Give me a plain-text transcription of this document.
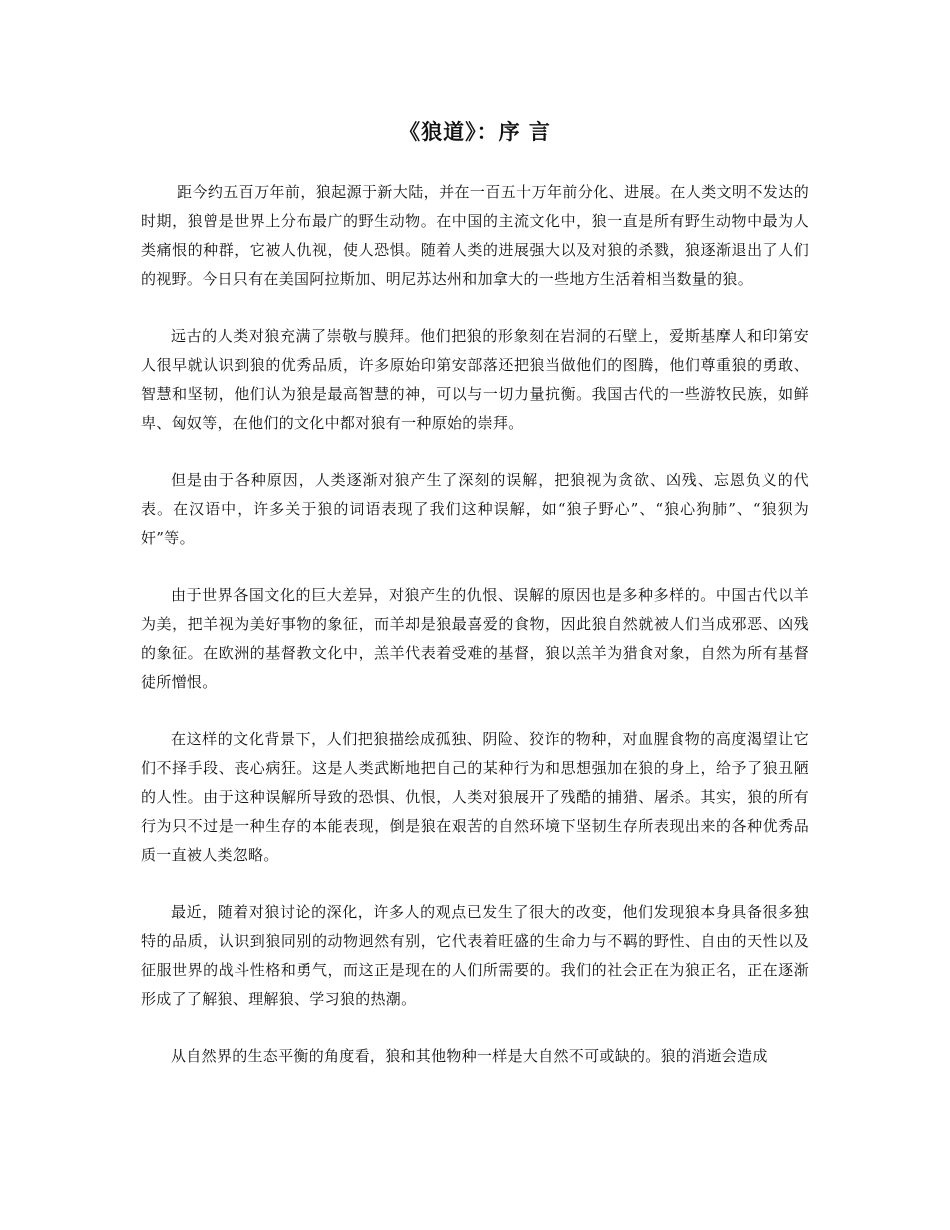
《狼道》：序 言

距今约五百万年前，狼起源于新大陆，并在一百五十万年前分化、进展。在人类文明不发达的时期，狼曾是世界上分布最广的野生动物。在中国的主流文化中，狼一直是所有野生动物中最为人类痛恨的种群，它被人仇视，使人恐惧。随着人类的进展强大以及对狼的杀戮，狼逐渐退出了人们的视野。今日只有在美国阿拉斯加、明尼苏达州和加拿大的一些地方生活着相当数量的狼。

远古的人类对狼充满了崇敬与膜拜。他们把狼的形象刻在岩洞的石壁上，爱斯基摩人和印第安人很早就认识到狼的优秀品质，许多原始印第安部落还把狼当做他们的图腾，他们尊重狼的勇敢、智慧和坚韧，他们认为狼是最高智慧的神，可以与一切力量抗衡。我国古代的一些游牧民族，如鲜卑、匈奴等，在他们的文化中都对狼有一种原始的崇拜。

但是由于各种原因，人类逐渐对狼产生了深刻的误解，把狼视为贪欲、凶残、忘恩负义的代表。在汉语中，许多关于狼的词语表现了我们这种误解，如“狼子野心”、“狼心狗肺”、“狼狈为奸”等。

由于世界各国文化的巨大差异，对狼产生的仇恨、误解的原因也是多种多样的。中国古代以羊为美，把羊视为美好事物的象征，而羊却是狼最喜爱的食物，因此狼自然就被人们当成邪恶、凶残的象征。在欧洲的基督教文化中，羔羊代表着受难的基督，狼以羔羊为猎食对象，自然为所有基督徒所憎恨。

在这样的文化背景下，人们把狼描绘成孤独、阴险、狡诈的物种，对血腥食物的高度渴望让它们不择手段、丧心病狂。这是人类武断地把自己的某种行为和思想强加在狼的身上，给予了狼丑陋的人性。由于这种误解所导致的恐惧、仇恨，人类对狼展开了残酷的捕猎、屠杀。其实，狼的所有行为只不过是一种生存的本能表现，倒是狼在艰苦的自然环境下坚韧生存所表现出来的各种优秀品质一直被人类忽略。

最近，随着对狼讨论的深化，许多人的观点已发生了很大的改变，他们发现狼本身具备很多独特的品质，认识到狼同别的动物迥然有别，它代表着旺盛的生命力与不羁的野性、自由的天性以及征服世界的战斗性格和勇气，而这正是现在的人们所需要的。我们的社会正在为狼正名，正在逐渐形成了了解狼、理解狼、学习狼的热潮。

从自然界的生态平衡的角度看，狼和其他物种一样是大自然不可或缺的。狼的消逝会造成
